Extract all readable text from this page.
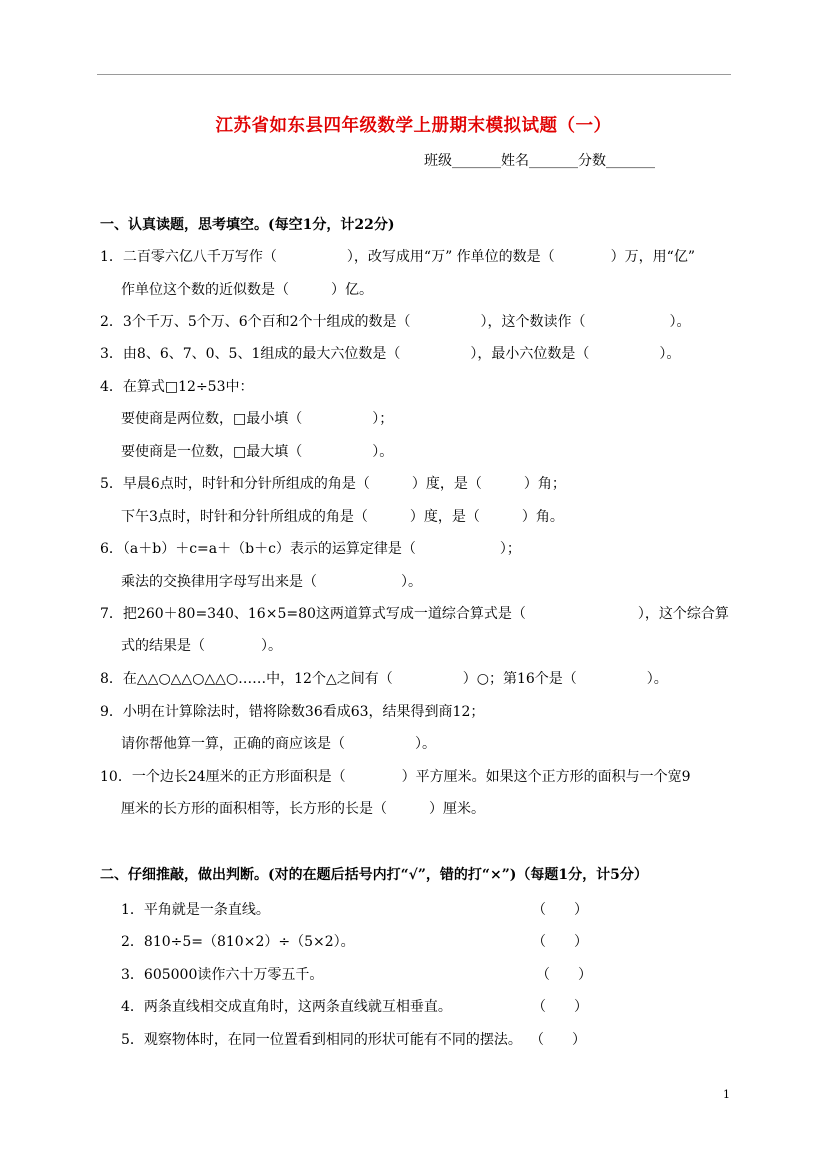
江苏省如东县四年级数学上册期末模拟试题（一）
班级_______姓名_______分数_______
一、认真读题，思考填空。(每空1分，计22分)
1．二百零六亿八千万写作（　　　　　），改写成用“万” 作单位的数是（　　　　）万，用“亿”
作单位这个数的近似数是（　　　）亿。
2．3个千万、5个万、6个百和2个十组成的数是（　　　　　），这个数读作（　　　　　　）。
3．由8、6、7、0、5、1组成的最大六位数是（　　　　　），最小六位数是（　　　　　）。
4．在算式□12÷53中：
要使商是两位数，□最小填（　　　　　）；
要使商是一位数，□最大填（　　　　　）。
5．早晨6点时，时针和分针所组成的角是（　　　）度，是（　　　）角；
下午3点时，时针和分针所组成的角是（　　　）度，是（　　　）角。
6．（a＋b）＋c=a＋（b＋c）表示的运算定律是（　　　　　　）；
乘法的交换律用字母写出来是（　　　　　　）。
7．把260＋80=340、16×5=80这两道算式写成一道综合算式是（　　　　　　　　），这个综合算
式的结果是（　　　　）。
8．在△△○△△○△△○……中，12个△之间有（　　　　　）○；第16个是（　　　　　）。
9．小明在计算除法时，错将除数36看成63，结果得到商12；
请你帮他算一算，正确的商应该是（　　　　　）。
10．一个边长24厘米的正方形面积是（　　　　）平方厘米。如果这个正方形的面积与一个宽9
厘米的长方形的面积相等，长方形的长是（　　　）厘米。
二、仔细推敲，做出判断。(对的在题后括号内打“√”，错的打“×”)（每题1分，计5分）
1．平角就是一条直线。	（　　）
2．810÷5=（810×2）÷（5×2）。	（　　）
3．605000读作六十万零五千。	（　　）
4．两条直线相交成直角时，这两条直线就互相垂直。	（　　）
5．观察物体时，在同一位置看到相同的形状可能有不同的摆法。 （　　）
1
